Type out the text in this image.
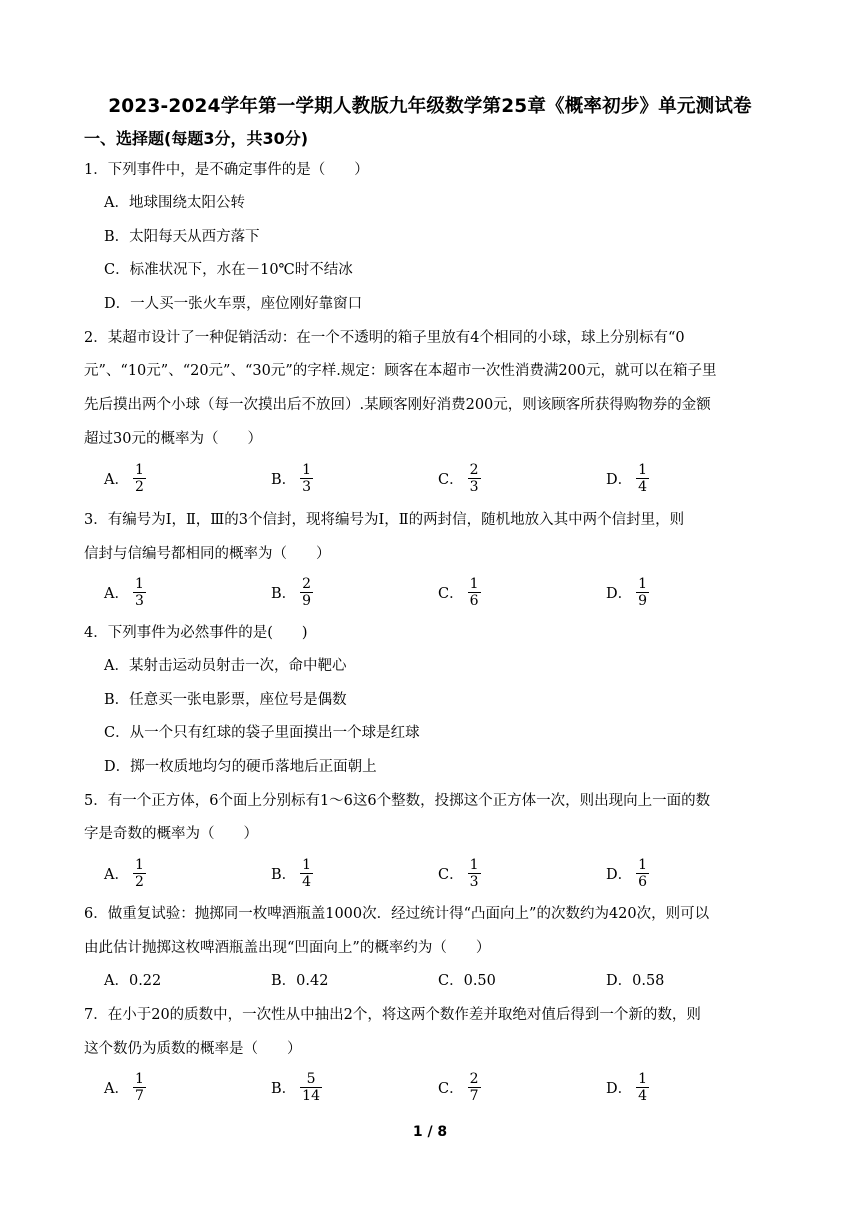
2023-2024学年第一学期人教版九年级数学第25章《概率初步》单元测试卷
一、选择题(每题3分，共30分)
1．下列事件中，是不确定事件的是（　　）
A．地球围绕太阳公转
B．太阳每天从西方落下
C．标准状况下，水在－10℃时不结冰
D．一人买一张火车票，座位刚好靠窗口
2．某超市设计了一种促销活动：在一个不透明的箱子里放有4个相同的小球，球上分别标有“0
元”、“10元”、“20元”、“30元”的字样.规定：顾客在本超市一次性消费满200元，就可以在箱子里
先后摸出两个小球（每一次摸出后不放回）.某顾客刚好消费200元，则该顾客所获得购物券的金额
超过30元的概率为（　　）
A． $\frac{1}{2}$	B． $\frac{1}{3}$	C． $\frac{2}{3}$	D． $\frac{1}{4}$
3．有编号为Ⅰ，Ⅱ，Ⅲ的3个信封，现将编号为Ⅰ，Ⅱ的两封信，随机地放入其中两个信封里，则
信封与信编号都相同的概率为（　　）
A． $\frac{1}{3}$	B． $\frac{2}{9}$	C． $\frac{1}{6}$	D． $\frac{1}{9}$
4．下列事件为必然事件的是(　　)
A．某射击运动员射击一次，命中靶心
B．任意买一张电影票，座位号是偶数
C．从一个只有红球的袋子里面摸出一个球是红球
D．掷一枚质地均匀的硬币落地后正面朝上
5．有一个正方体，6个面上分别标有1～6这6个整数，投掷这个正方体一次，则出现向上一面的数
字是奇数的概率为（　　）
A． $\frac{1}{2}$	B． $\frac{1}{4}$	C． $\frac{1}{3}$	D． $\frac{1}{6}$
6．做重复试验：抛掷同一枚啤酒瓶盖1000次．经过统计得“凸面向上”的次数约为420次，则可以
由此估计抛掷这枚啤酒瓶盖出现“凹面向上”的概率约为（　　）
A．0.22	B．0.42	C．0.50	D．0.58
7．在小于20的质数中，一次性从中抽出2个，将这两个数作差并取绝对值后得到一个新的数，则
这个数仍为质数的概率是（　　）
A． $\frac{1}{7}$	B． $\frac{5}{14}$	C． $\frac{2}{7}$	D． $\frac{1}{4}$
1 / 8
